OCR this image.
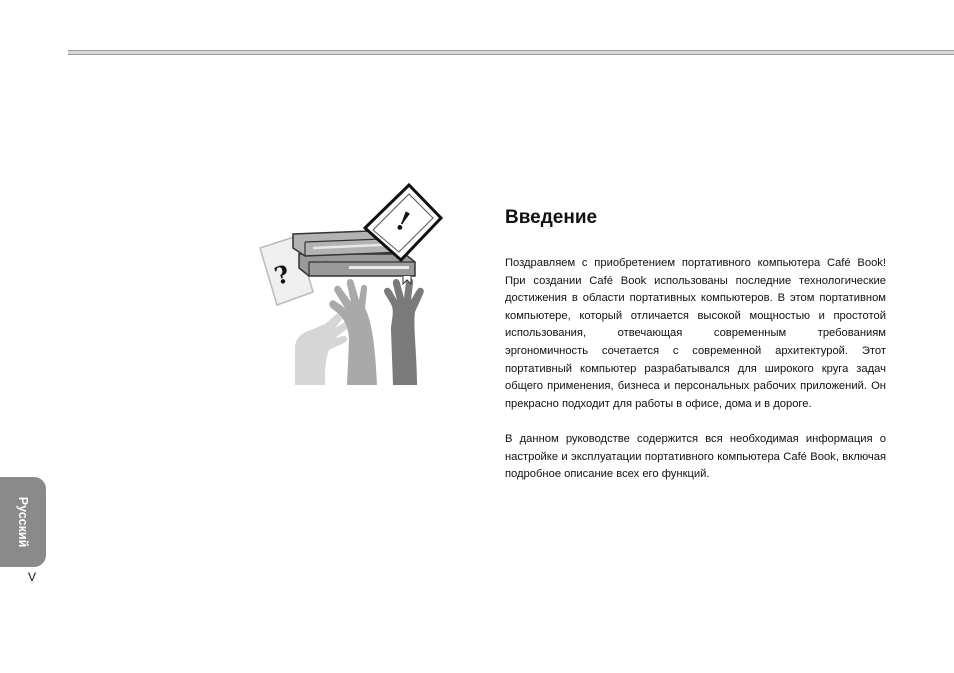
?
!	Введение

Поздравляем с приобретением портативного компьютера Café Book! При создании Café Book использованы последние технологические достижения в области портативных компьютеров. В этом портативном компьютере, который отличается высокой мощностью и простотой использования, отвечающая современным требованиям эргономичность сочетается с современной архитектурой. Этот портативный компьютер разрабатывался для широкого круга задач общего применения, бизнеса и персональных рабочих приложений. Он прекрасно подходит для работы в офисе, дома и в дороге.

В данном руководстве содержится вся необходимая информация о настройке и эксплуатации портативного компьютера Café Book, включая подробное описание всех его функций.

Русский
V
